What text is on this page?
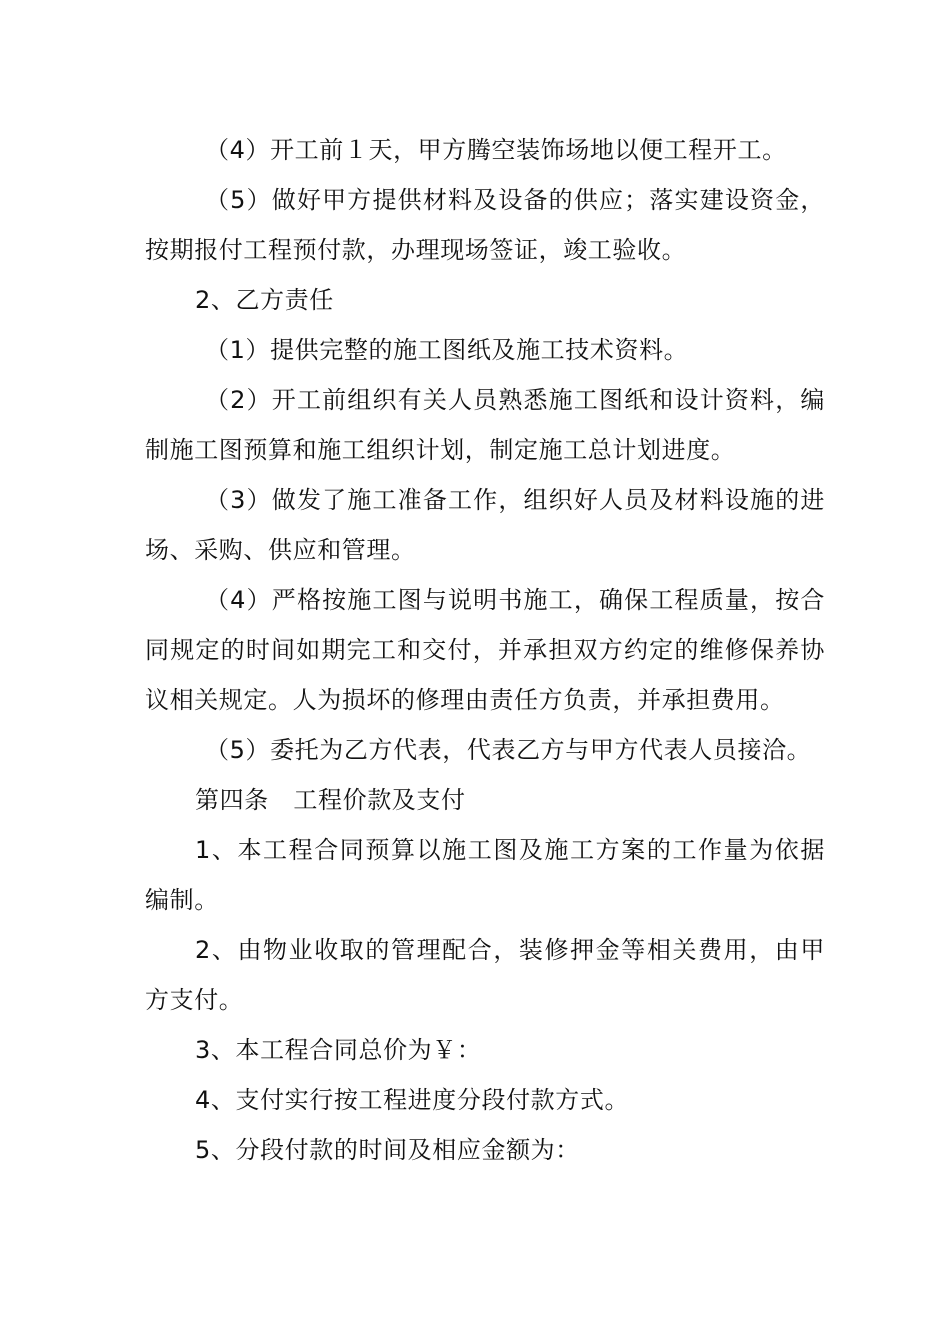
（4）开工前１天，甲方腾空装饰场地以便工程开工。

（5）做好甲方提供材料及设备的供应；落实建设资金，按期报付工程预付款，办理现场签证，竣工验收。

2、乙方责任

（1）提供完整的施工图纸及施工技术资料。

（2）开工前组织有关人员熟悉施工图纸和设计资料，编制施工图预算和施工组织计划，制定施工总计划进度。

（3）做发了施工准备工作，组织好人员及材料设施的进场、采购、供应和管理。

（4）严格按施工图与说明书施工，确保工程质量，按合同规定的时间如期完工和交付，并承担双方约定的维修保养协议相关规定。人为损坏的修理由责任方负责，并承担费用。

（5）委托为乙方代表，代表乙方与甲方代表人员接洽。

第四条　工程价款及支付

1、本工程合同预算以施工图及施工方案的工作量为依据编制。

2、由物业收取的管理配合，装修押金等相关费用，由甲方支付。

3、本工程合同总价为￥：

4、支付实行按工程进度分段付款方式。

5、分段付款的时间及相应金额为：
